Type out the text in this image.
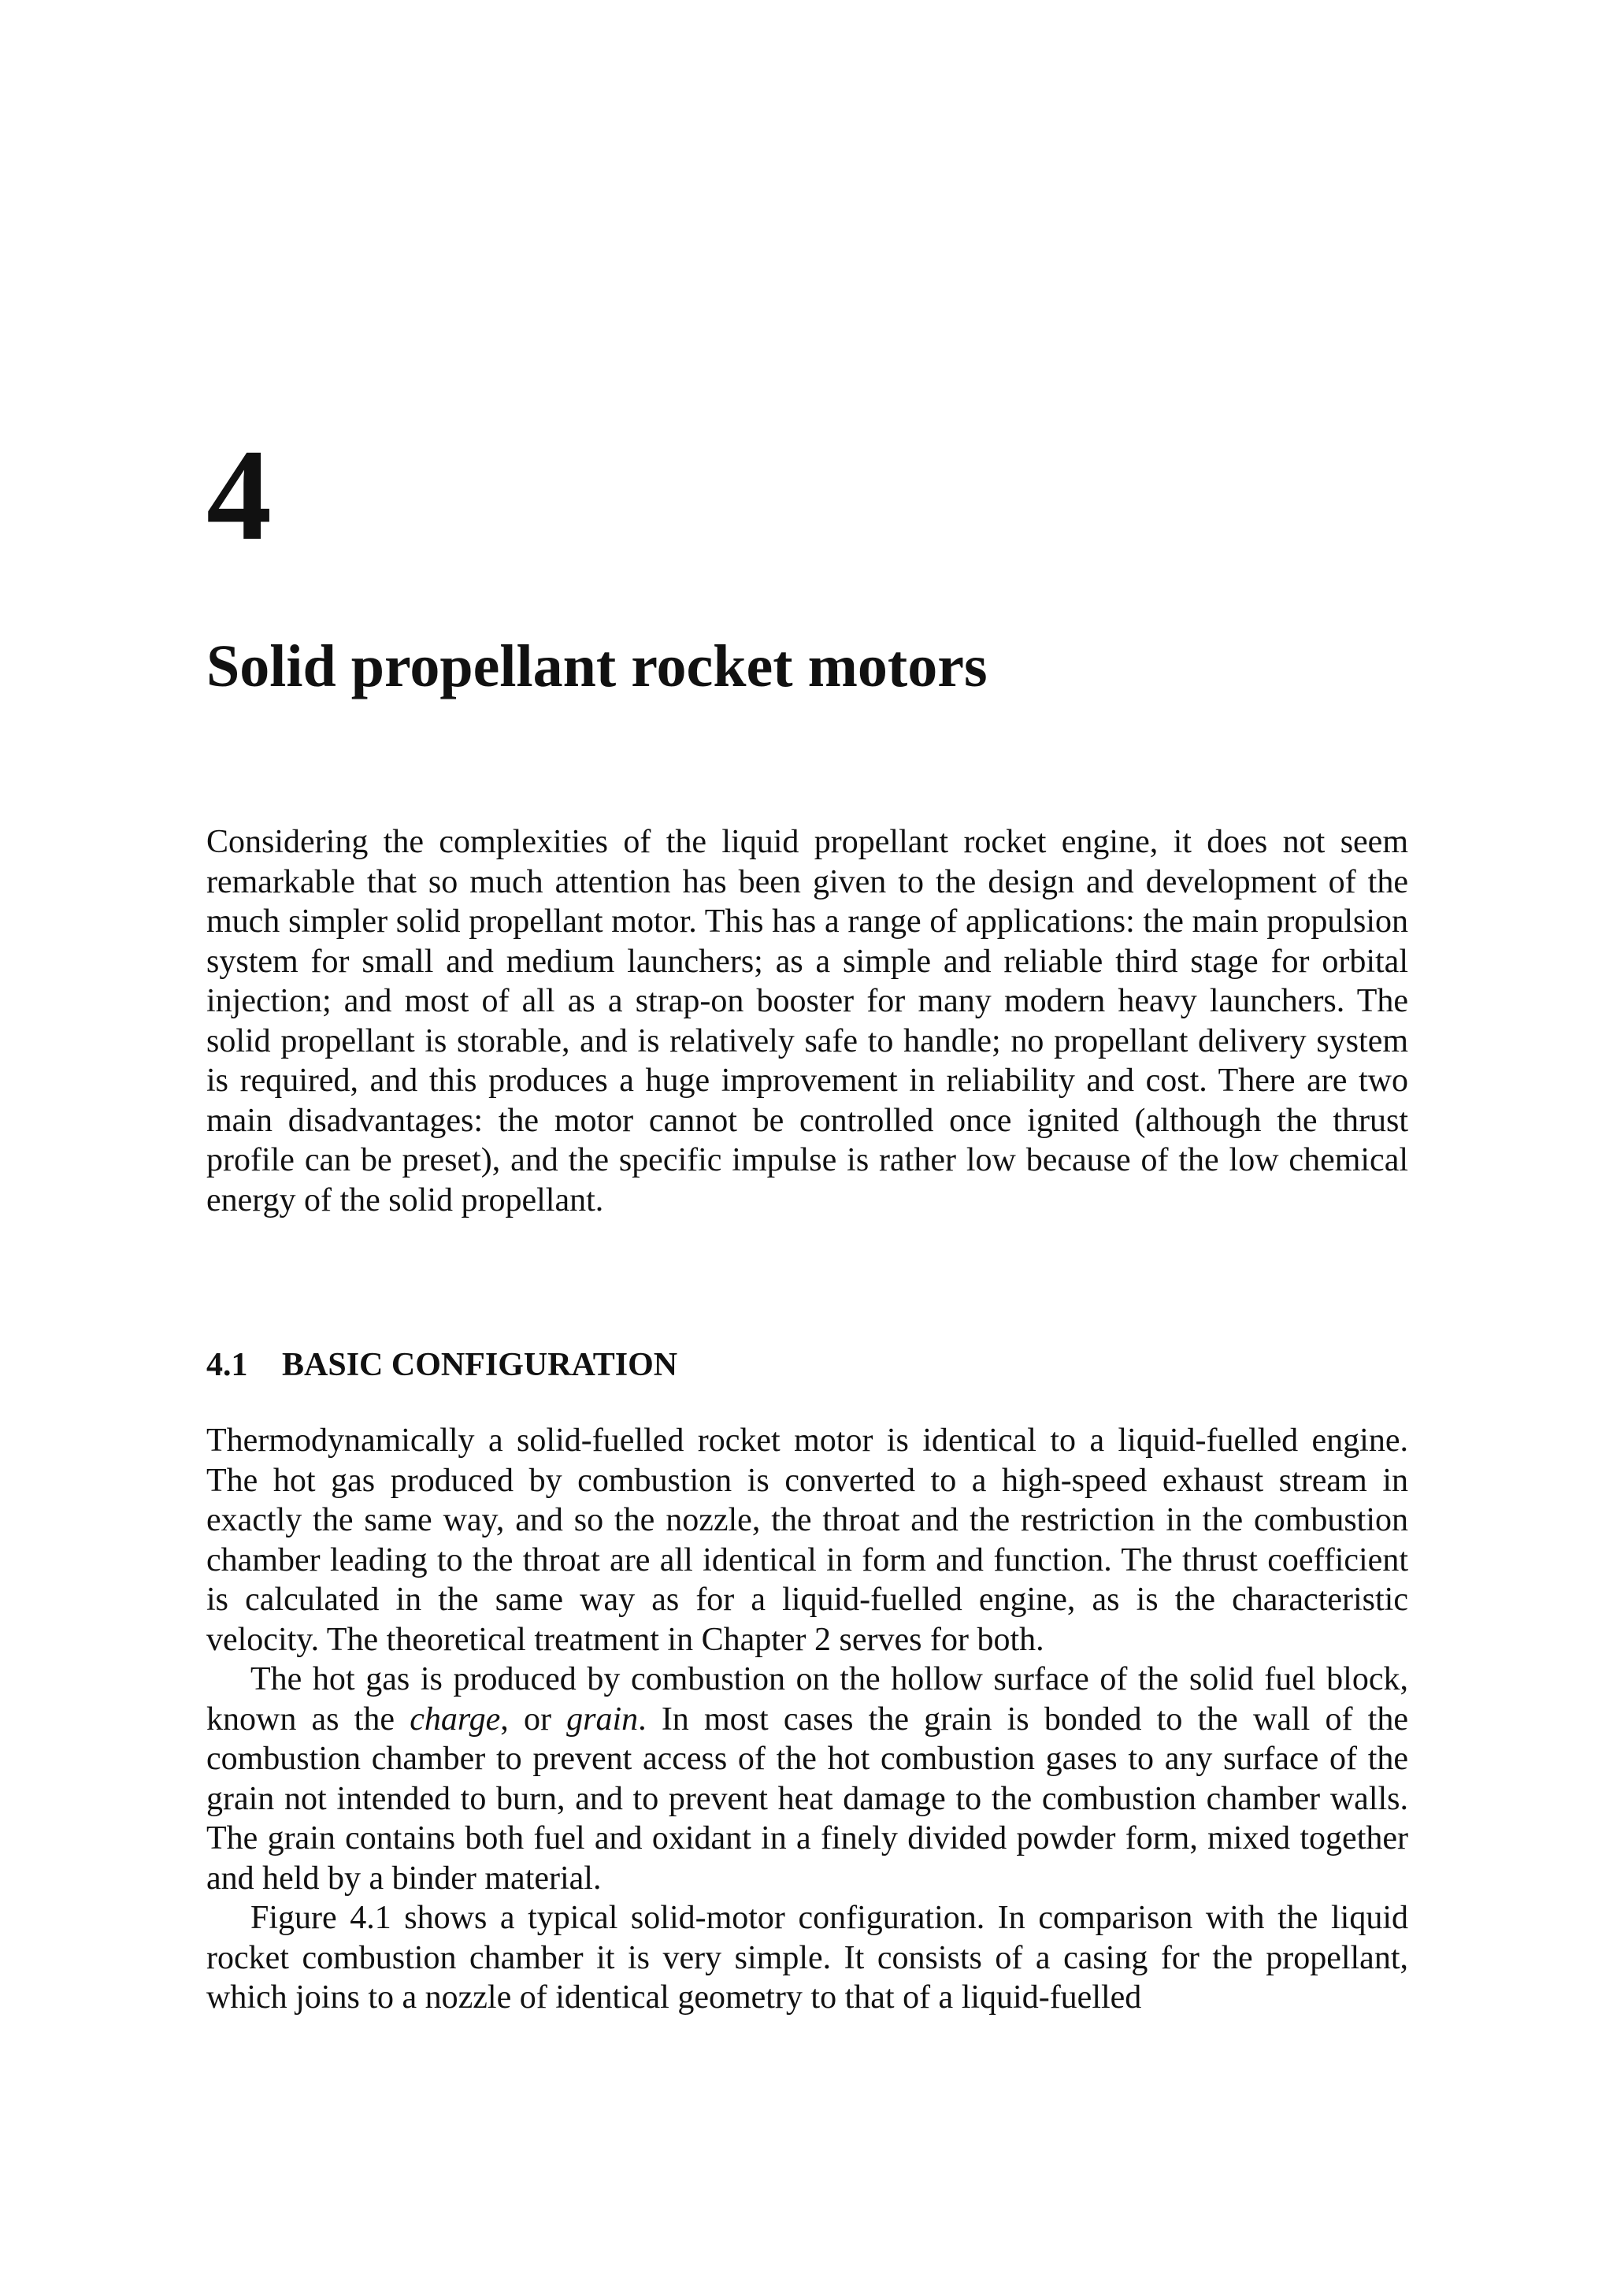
4
Solid propellant rocket motors

Considering the complexities of the liquid propellant rocket engine, it does not seem remarkable that so much attention has been given to the design and development of the much simpler solid propellant motor. This has a range of applications: the main propulsion system for small and medium launchers; as a simple and reliable third stage for orbital injection; and most of all as a strap-on booster for many modern heavy launchers. The solid propellant is storable, and is relatively safe to handle; no propellant delivery system is required, and this produces a huge improvement in reliability and cost. There are two main disadvantages: the motor cannot be controlled once ignited (although the thrust profile can be preset), and the specific impulse is rather low because of the low chemical energy of the solid propellant.

4.1 BASIC CONFIGURATION

Thermodynamically a solid-fuelled rocket motor is identical to a liquid-fuelled engine. The hot gas produced by combustion is converted to a high-speed exhaust stream in exactly the same way, and so the nozzle, the throat and the restriction in the combustion chamber leading to the throat are all identical in form and function. The thrust coefficient is calculated in the same way as for a liquid-fuelled engine, as is the characteristic velocity. The theoretical treatment in Chapter 2 serves for both.

The hot gas is produced by combustion on the hollow surface of the solid fuel block, known as the charge, or grain. In most cases the grain is bonded to the wall of the combustion chamber to prevent access of the hot combustion gases to any surface of the grain not intended to burn, and to prevent heat damage to the combustion chamber walls. The grain contains both fuel and oxidant in a finely divided powder form, mixed together and held by a binder material.

Figure 4.1 shows a typical solid-motor configuration. In comparison with the liquid rocket combustion chamber it is very simple. It consists of a casing for the propellant, which joins to a nozzle of identical geometry to that of a liquid-fuelled
